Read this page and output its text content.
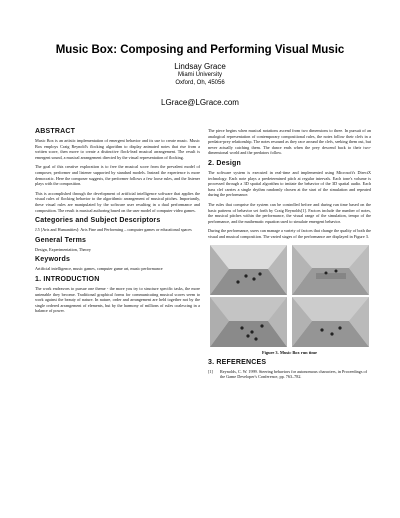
Music Box: Composing and Performing Visual Music
Lindsay Grace
Miami University
Oxford, Oh, 45056
LGrace@LGrace.com
ABSTRACT
Music Box is an artistic implementation of emergent behavior and its use to create music. Music Box employs Craig Reynold's flocking algorithm to display animated notes that rise from a written score, then move to create a distinctive flock-lead musical arrangement. The result is emergent sound, a musical arrangement directed by the visual representation of flocking.
The goal of this creative exploration is to free the musical score from the prevalent model of composer, performer and listener supported by standard models. Instead the experience is more democratic. Here the composer suggests, the performer follows a few loose rules, and the listener plays with the composition.
This is accomplished through the development of artificial intelligence software that applies the visual rules of flocking behavior to the algorithmic arrangement of musical pitches. Importantly, these visual rules are manipulated by the software user resulting in a dual performance and composition. The result is musical authoring based on the user model of computer video games.
Categories and Subject Descriptors
J.5 [Arts and Humanities]: Arts Fine and Performing – computer games or educational spaces
General Terms
Design, Experimentation, Theory
Keywords
Artificial intelligence, music games, computer game art, music performance
1. INTRODUCTION
The work endeavors to pursue one theme - the more you try to structure specific tasks, the more untenable they become. Traditional graphical forms for communicating musical scores seem to work against the beauty of nature. In nature, order and arrangement are held together not by the single ordered arrangement of elements, but by the harmony of millions of rules coalescing in a balance of power.
The piece begins when musical notations ascend from two dimensions to three. In pursuit of an analogical representation of contemporary compositional rules, the notes follow their clefs in a predator-prey relationship. The notes resound as they race around the clefs, seeking them out, but never actually catching them. The dance ends when the prey descend back to their two-dimensional world and the predators follow.
2. Design
The software system is executed in real-time and implemented using Microsoft's DirectX technology. Each note plays a predetermined pitch at regular intervals. Each tone's volume is processed through a 3D spatial algorithm to imitate the behavior of the 3D spatial audio. Each bass clef carries a single rhythm randomly chosen at the start of the simulation and repeated during the performance.
The rules that comprise the system can be controlled before and during run time based on the basic patterns of behavior set forth by Craig Reynolds[1]. Factors include the number of notes, the musical pitches within the performance, the visual range of the simulation, tempo of the performance, and the mathematic equation used to simulate emergent behavior.
During the performance, users can manage a variety of factors that change the quality of both the visual and musical composition. The varied stages of the performance are displayed in Figure 3.
Figure 3. Music Box run time
3. REFERENCES
[1]	Reynolds, C. W. 1999. Steering behaviors for autonomous characters, in Proceedings of the Game Developer's Conference, pp. 763–782.
